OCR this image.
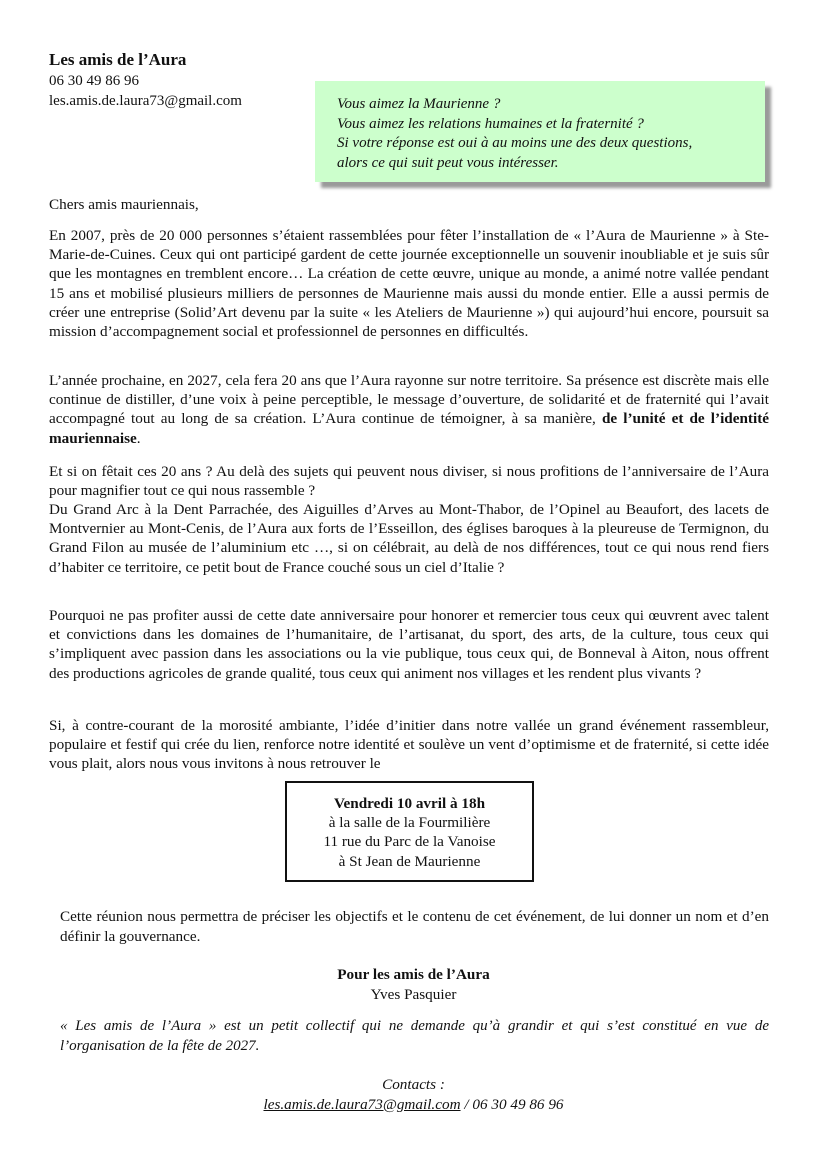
Les amis de l’Aura
06 30 49 86 96
les.amis.de.laura73@gmail.com	Vous aimez la Maurienne ?
Vous aimez les relations humaines et la fraternité ?
Si votre réponse est oui à au moins une des deux questions,
alors ce qui suit peut vous intéresser.

Chers amis mauriennais,

En 2007, près de 20 000 personnes s’étaient rassemblées pour fêter l’installation de « l’Aura de Maurienne » à Ste-Marie-de-Cuines. Ceux qui ont participé gardent de cette journée exceptionnelle un souvenir inoubliable et je suis sûr que les montagnes en tremblent encore… La création de cette œuvre, unique au monde, a animé notre vallée pendant 15 ans et mobilisé plusieurs milliers de personnes de Maurienne mais aussi du monde entier. Elle a aussi permis de créer une entreprise (Solid’Art devenu par la suite « les Ateliers de Maurienne ») qui aujourd’hui encore, poursuit sa mission d’accompagnement social et professionnel de personnes en difficultés.

L’année prochaine, en 2027, cela fera 20 ans que l’Aura rayonne sur notre territoire. Sa présence est discrète mais elle continue de distiller, d’une voix à peine perceptible, le message d’ouverture, de solidarité et de fraternité qui l’avait accompagné tout au long de sa création. L’Aura continue de témoigner, à sa manière, de l’unité et de l’identité mauriennaise.

Et si on fêtait ces 20 ans ? Au delà des sujets qui peuvent nous diviser, si nous profitions de l’anniversaire de l’Aura pour magnifier tout ce qui nous rassemble ?

Du Grand Arc à la Dent Parrachée, des Aiguilles d’Arves au Mont-Thabor, de l’Opinel au Beaufort, des lacets de Montvernier au Mont-Cenis, de l’Aura aux forts de l’Esseillon, des églises baroques à la pleureuse de Termignon, du Grand Filon au musée de l’aluminium etc …, si on célébrait, au delà de nos différences, tout ce qui nous rend fiers d’habiter ce territoire, ce petit bout de France couché sous un ciel d’Italie ?

Pourquoi ne pas profiter aussi de cette date anniversaire pour honorer et remercier tous ceux qui œuvrent avec talent et convictions dans les domaines de l’humanitaire, de l’artisanat, du sport, des arts, de la culture, tous ceux qui s’impliquent avec passion dans les associations ou la vie publique, tous ceux qui, de Bonneval à Aiton, nous offrent des productions agricoles de grande qualité, tous ceux qui animent nos villages et les rendent plus vivants ?

Si, à contre-courant de la morosité ambiante, l’idée d’initier dans notre vallée un grand événement rassembleur, populaire et festif qui crée du lien, renforce notre identité et soulève un vent d’optimisme et de fraternité, si cette idée vous plait, alors nous vous invitons à nous retrouver le

Vendredi 10 avril à 18h
à la salle de la Fourmilière
11 rue du Parc de la Vanoise
à St Jean de Maurienne

Cette réunion nous permettra de préciser les objectifs et le contenu de cet événement, de lui donner un nom et d’en définir la gouvernance.

Pour les amis de l’Aura
Yves Pasquier

« Les amis de l’Aura » est un petit collectif qui ne demande qu’à grandir et qui s’est constitué en vue de l’organisation de la fête de 2027.

Contacts :
les.amis.de.laura73@gmail.com / 06 30 49 86 96
